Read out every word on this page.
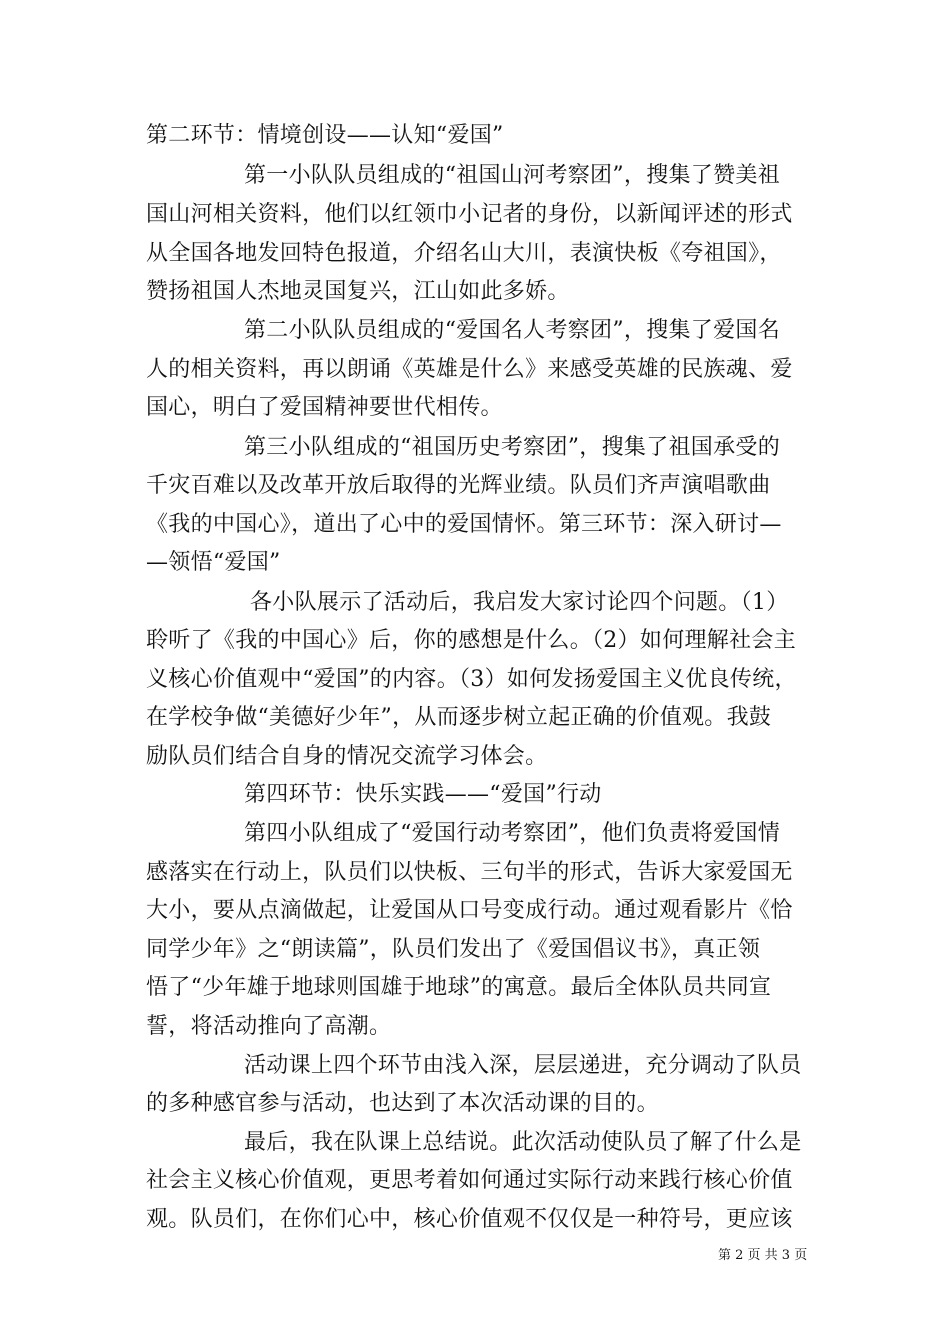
第二环节：情境创设——认知“爱国”
第一小队队员组成的“祖国山河考察团”，搜集了赞美祖
国山河相关资料，他们以红领巾小记者的身份，以新闻评述的形式
从全国各地发回特色报道，介绍名山大川，表演快板《夸祖国》，
赞扬祖国人杰地灵国复兴，江山如此多娇。
第二小队队员组成的“爱国名人考察团”，搜集了爱国名
人的相关资料，再以朗诵《英雄是什么》来感受英雄的民族魂、爱
国心，明白了爱国精神要世代相传。
第三小队组成的“祖国历史考察团”，搜集了祖国承受的
千灾百难以及改革开放后取得的光辉业绩。队员们齐声演唱歌曲
《我的中国心》，道出了心中的爱国情怀。第三环节：深入研讨—
—领悟“爱国”
各小队展示了活动后，我启发大家讨论四个问题。（1）
聆听了《我的中国心》后，你的感想是什么。（2）如何理解社会主
义核心价值观中“爱国”的内容。（3）如何发扬爱国主义优良传统，
在学校争做“美德好少年”，从而逐步树立起正确的价值观。我鼓
励队员们结合自身的情况交流学习体会。
第四环节：快乐实践——“爱国”行动
第四小队组成了“爱国行动考察团”，他们负责将爱国情
感落实在行动上，队员们以快板、三句半的形式，告诉大家爱国无
大小，要从点滴做起，让爱国从口号变成行动。通过观看影片《恰
同学少年》之“朗读篇”，队员们发出了《爱国倡议书》，真正领
悟了“少年雄于地球则国雄于地球”的寓意。最后全体队员共同宣
誓，将活动推向了高潮。
活动课上四个环节由浅入深，层层递进，充分调动了队员
的多种感官参与活动，也达到了本次活动课的目的。
最后，我在队课上总结说。此次活动使队员了解了什么是
社会主义核心价值观，更思考着如何通过实际行动来践行核心价值
观。队员们，在你们心中，核心价值观不仅仅是一种符号，更应该
第 2 页 共 3 页
